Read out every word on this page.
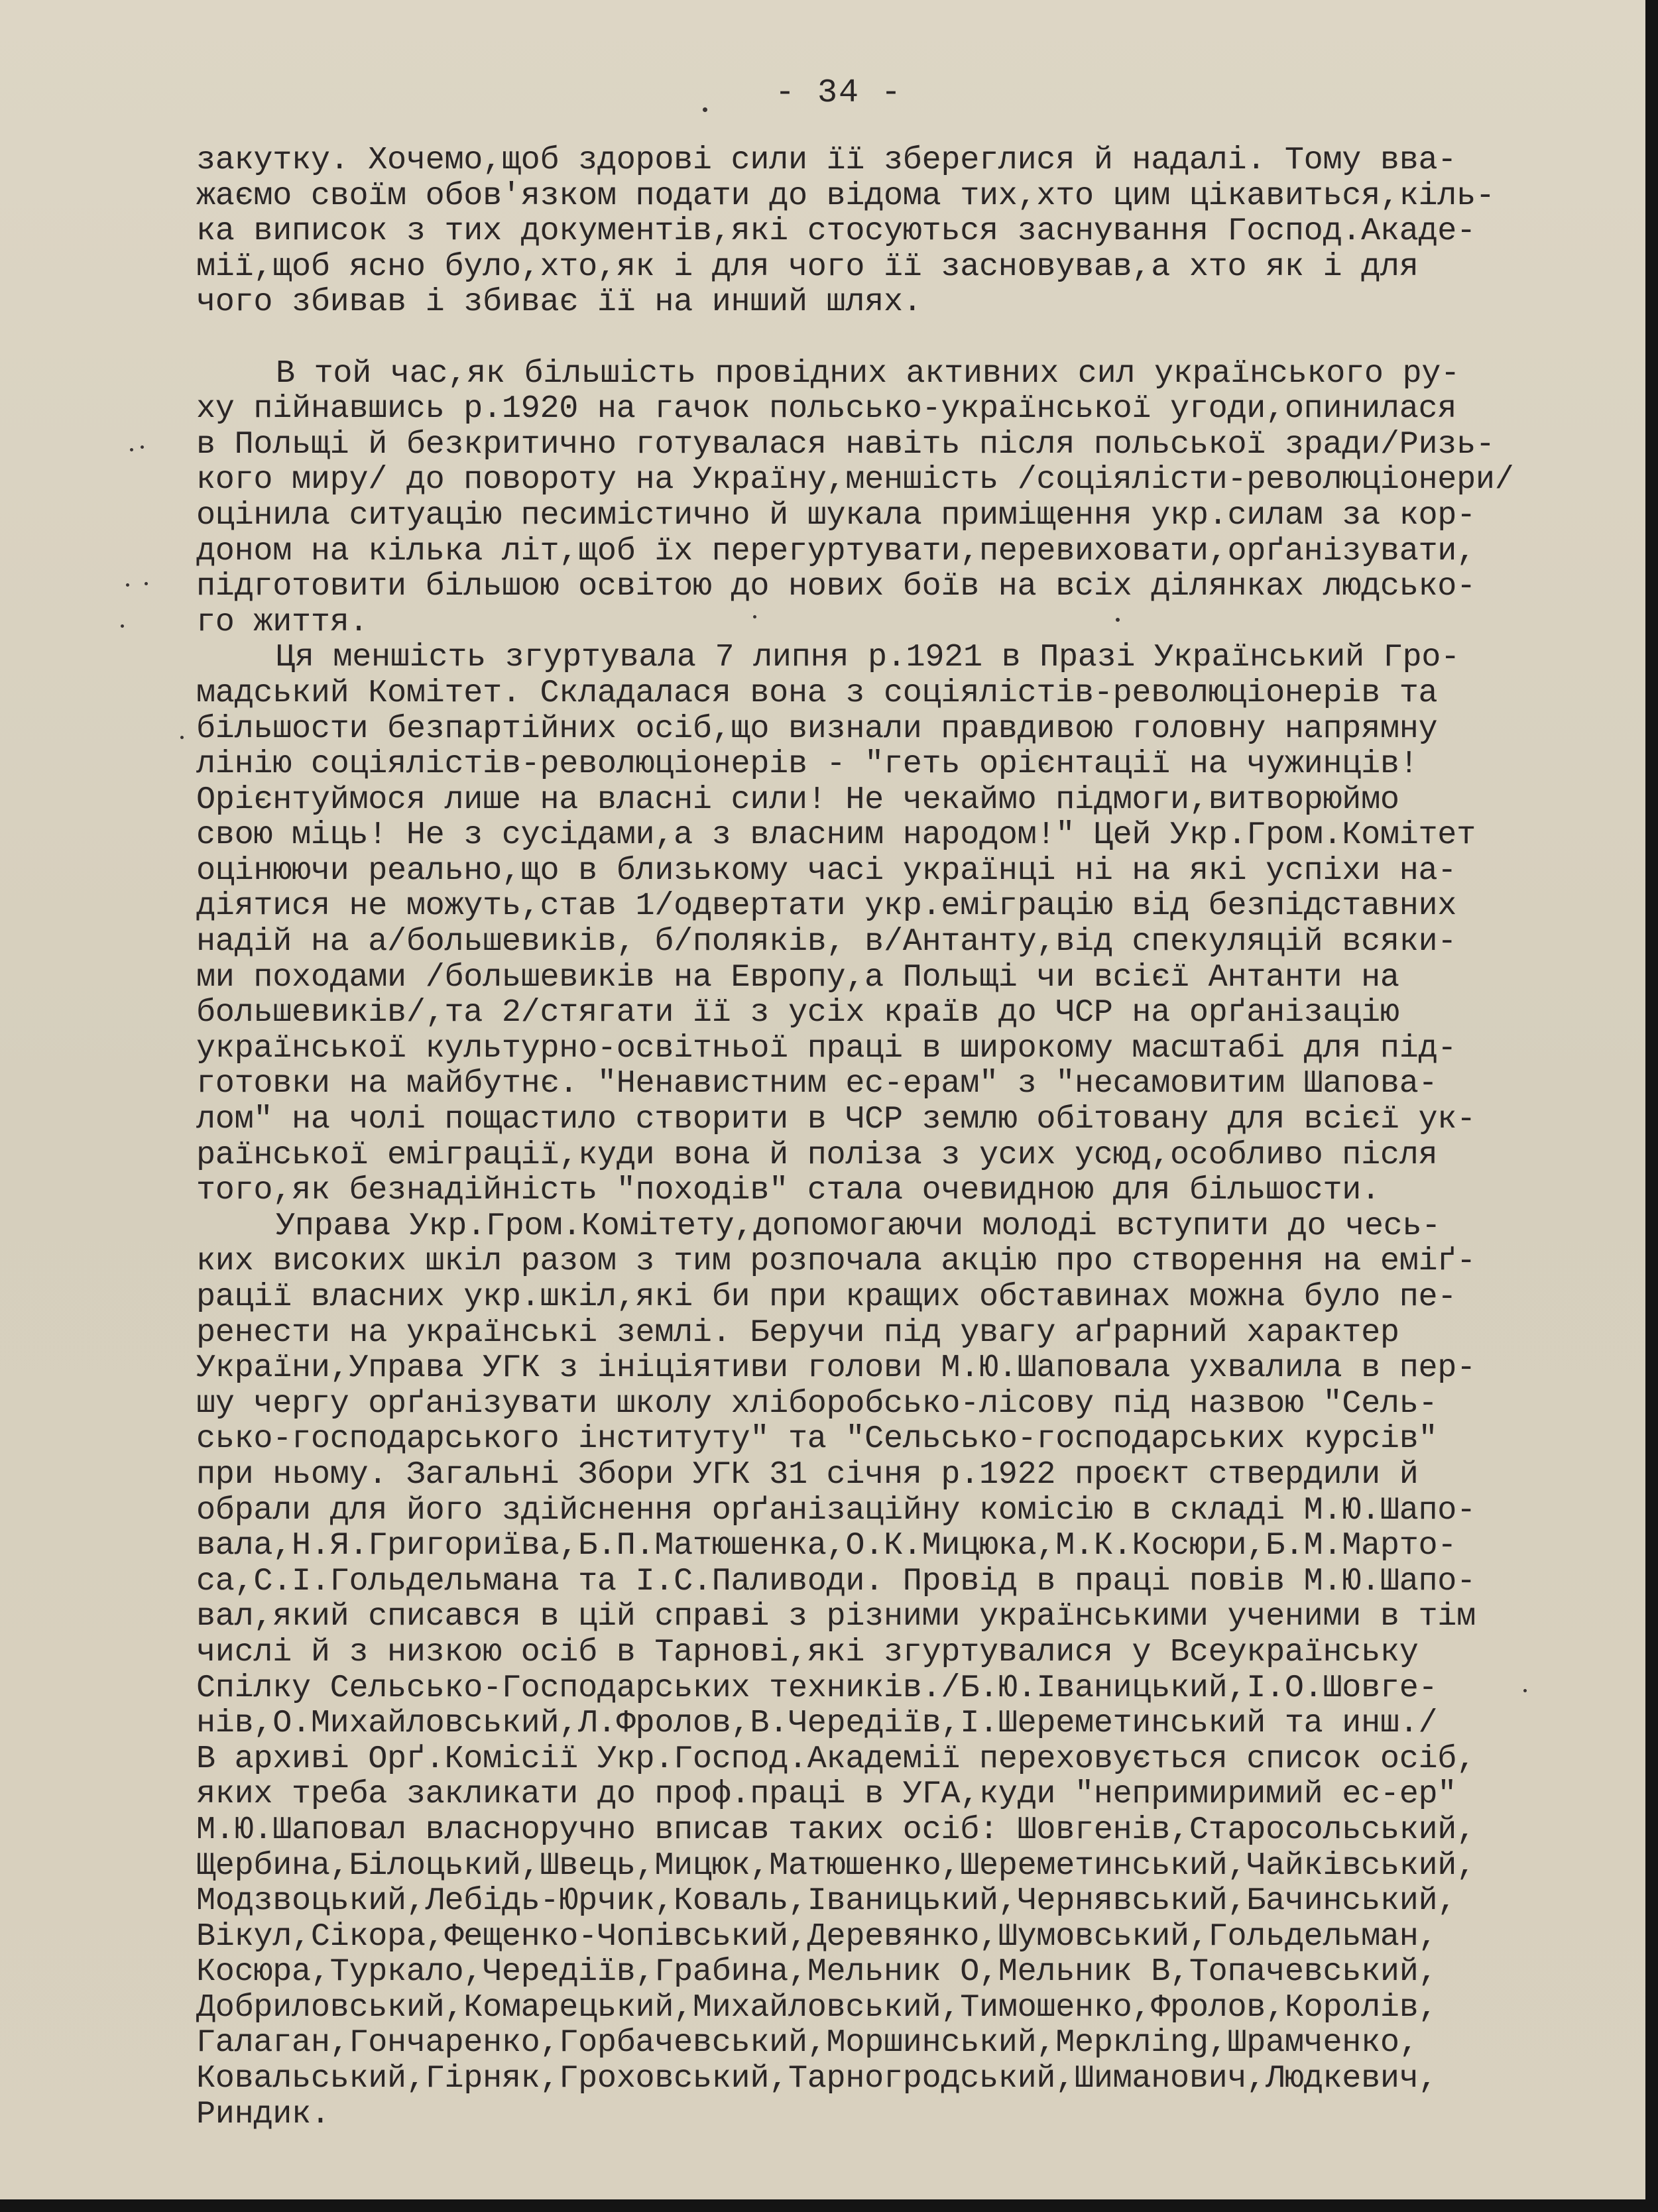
- 34 -
закутку. Хочемо,щоб здорові сили її збереглися й надалі. Тому вва-
жаємо своїм обов'язком подати до відома тих,хто цим цікавиться,кіль-
ка виписок з тих документів,які стосуються заснування Господ.Акаде-
мії,щоб ясно було,хто,як і для чого її засновував,а хто як і для
чого збивав і збиває її на инший шлях.
В той час,як більшість провідних активних сил українського ру-
ху пійнавшись р.1920 на гачок польсько-української угоди,опинилася
в Польщі й безкритично готувалася навіть після польської зради/Ризь-
кого миру/ до повороту на Україну,меншість /соціялісти-революціонери/
оцінила ситуацію песимістично й шукала приміщення укр.силам за кор-
доном на кілька літ,щоб їх перегуртувати,перевиховати,орґанізувати,
підготовити більшою освітою до нових боїв на всіх ділянках людсько-
го життя.
Ця меншість згуртувала 7 липня р.1921 в Празі Український Гро-
мадський Комітет. Складалася вона з соціялістів-революціонерів та
більшости безпартійних осіб,що визнали правдивою головну напрямну
лінію соціялістів-революціонерів - "геть орієнтації на чужинців!
Орієнтуймося лише на власні сили! Не чекаймо підмоги,витворюймо
свою міць! Не з сусідами,а з власним народом!" Цей Укр.Гром.Комітет
оцінюючи реально,що в близькому часі українці ні на які успіхи на-
діятися не можуть,став 1/одвертати укр.еміграцію від безпідставних
надій на а/большевиків, б/поляків, в/Антанту,від спекуляцій всяки-
ми походами /большевиків на Европу,а Польщі чи всієї Антанти на
большевиків/,та 2/стягати її з усіх країв до ЧСР на орґанізацію
української культурно-освітньої праці в широкому масштабі для під-
готовки на майбутнє. "Ненавистним ес-ерам" з "несамовитим Шапова-
лом" на чолі пощастило створити в ЧСР землю обітовану для всієї ук-
раїнської еміграції,куди вона й поліза з усих усюд,особливо після
того,як безнадійність "походів" стала очевидною для більшости.
Управа Укр.Гром.Комітету,допомогаючи молоді вступити до чесь-
ких високих шкіл разом з тим розпочала акцію про створення на еміґ-
рації власних укр.шкіл,які би при кращих обставинах можна було пе-
ренести на українські землі. Беручи під увагу аґрарний характер
України,Управа УГК з ініціятиви голови М.Ю.Шаповала ухвалила в пер-
шу чергу орґанізувати школу хліборобсько-лісову під назвою "Сель-
сько-господарського інституту" та "Сельсько-господарських курсів"
при ньому. Загальні Збори УГК 31 січня р.1922 проєкт ствердили й
обрали для його здійснення орґанізаційну комісію в складі М.Ю.Шапо-
вала,Н.Я.Григориїва,Б.П.Матюшенка,О.К.Мицюка,М.К.Косюри,Б.М.Марто-
са,С.І.Гольдельмана та І.С.Паливоди. Провід в праці повів М.Ю.Шапо-
вал,який списався в цій справі з різними українськими ученими в тім
числі й з низкою осіб в Тарнові,які згуртувалися у Всеукраїнську
Спілку Сельсько-Господарських техників./Б.Ю.Іваницький,І.О.Шовге-
нів,О.Михайловський,Л.Фролов,В.Чередіїв,І.Шереметинський та инш./
В архиві Орґ.Комісії Укр.Господ.Академії переховується список осіб,
яких треба закликати до проф.праці в УГА,куди "непримиримий ес-ер"
М.Ю.Шаповал власноручно вписав таких осіб: Шовгенів,Старосольський,
Щербина,Білоцький,Швець,Мицюк,Матюшенко,Шереметинський,Чайківський,
Модзвоцький,Лебідь-Юрчик,Коваль,Іваницький,Чернявський,Бачинський,
Вікул,Сікора,Фещенко-Чопівський,Деревянко,Шумовський,Гольдельман,
Косюра,Туркало,Чередіїв,Грабина,Мельник О,Мельник В,Топачевський,
Добриловський,Комарецький,Михайловський,Тимошенко,Фролов,Королів,
Галаган,Гончаренко,Горбачевський,Моршинський,Меркліng,Шрамченко,
Ковальський,Гірняк,Гроховський,Тарногродський,Шиманович,Людкевич,
Риндик.
